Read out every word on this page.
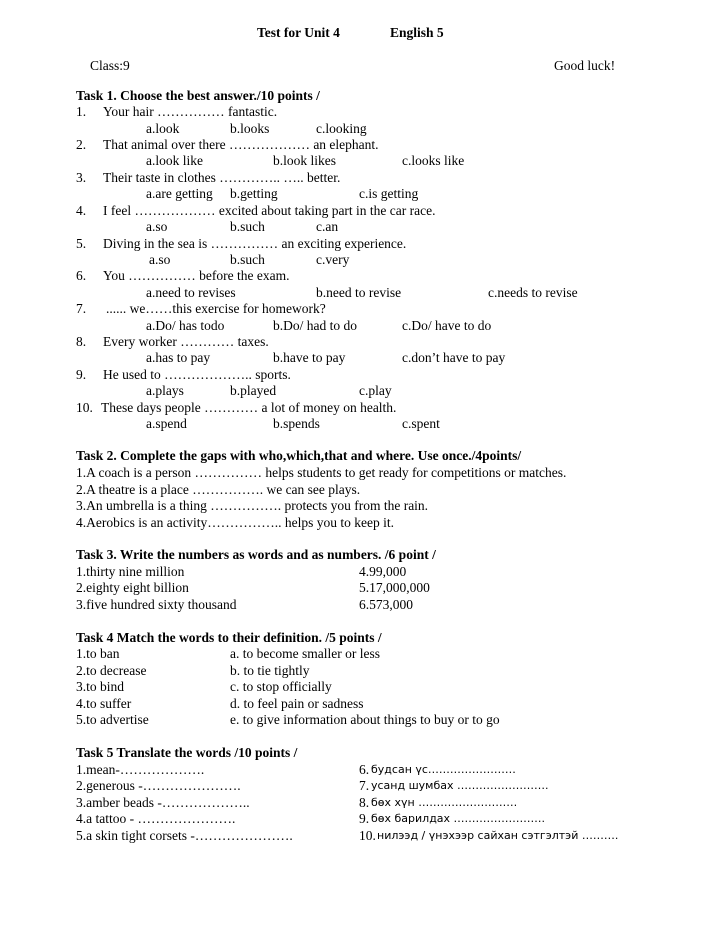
Test for Unit 4	English 5
Class:9	Good luck!
Task 1. Choose the best answer./10 points /
1. Your hair …………… fantastic.
a.look	b.looks	c.looking
2. That animal over there ……………… an elephant.
a.look like	b.look likes	c.looks like
3. Their taste in clothes ………….. ….. better.
a.are getting b.getting	c.is getting
4. I feel ……………… excited about taking part in the car race.
a.so	b.such	c.an
5. Diving in the sea is …………… an exciting experience.
a.so	b.such	c.very
6. You …………… before the exam.
a.need to revises	b.need to revise	c.needs to revise
7. ...... we……this exercise for homework?
a.Do/ has todo	b.Do/ had to do	c.Do/ have to do
8. Every worker ………… taxes.
a.has to pay	b.have to pay	c.don’t have to pay
9. He used to ……………….. sports.
a.plays	b.played	c.play
10. These days people ………… a lot of money on health.
a.spend	b.spends	c.spent
Task 2. Complete the gaps with who,which,that and where. Use once./4points/
1.A coach is a person …………… helps students to get ready for competitions or matches.
2.A theatre is a place ……………. we can see plays.
3.An umbrella is a thing ……………. protects you from the rain.
4.Aerobics is an activity…………….. helps you to keep it.
Task 3. Write the numbers as words and as numbers. /6 point /
1.thirty nine million	4.99,000
2.eighty eight billion	5.17,000,000
3.five hundred sixty thousand	6.573,000
Task 4 Match the words to their definition. /5 points /
1.to ban	a. to become smaller or less
2.to decrease	b. to tie tightly
3.to bind	c. to stop officially
4.to suffer	d. to feel pain or sadness
5.to advertise	e. to give information about things to buy or to go
Task 5 Translate the words /10 points /
1.mean-……………….	6. будсан үс……………………
2.generous -………………….	7. усанд шумбах …………………….
3.amber beads -………………..	8. бөх хүн ………………………
4.a tattoo - ………………….	9. бөх барилдах …………………….
5.a skin tight corsets -………………….	10. нилээд / үнэхээр сайхан сэтгэлтэй ……….
